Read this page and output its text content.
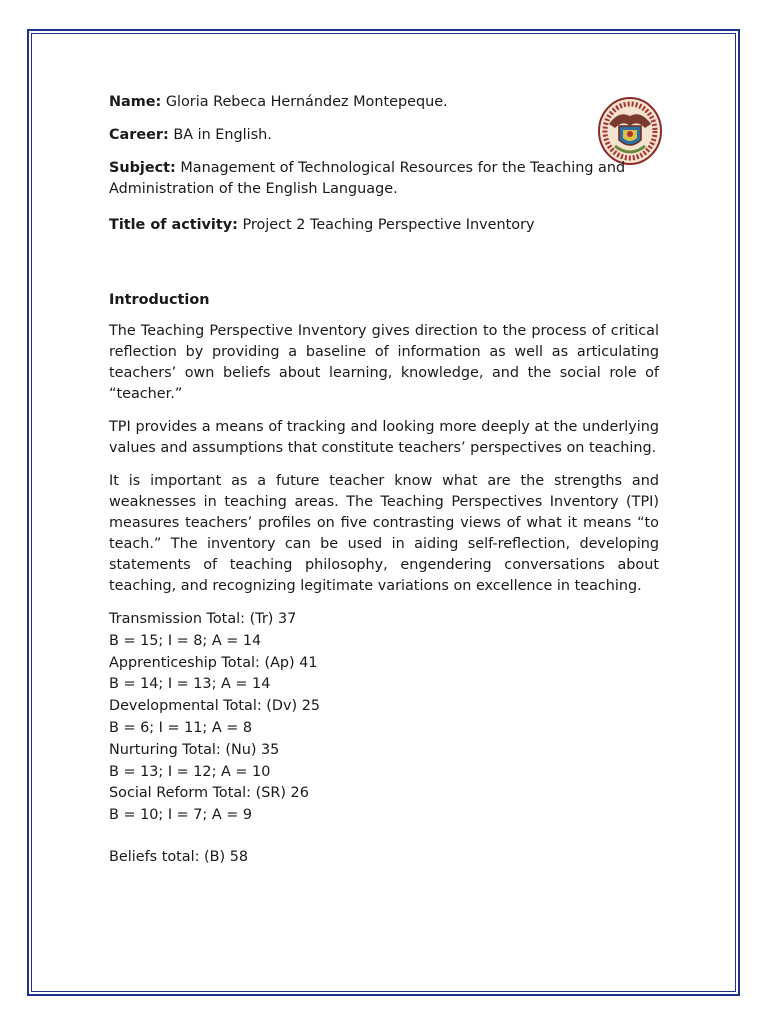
Name: Gloria Rebeca Hernández Montepeque.

Career: BA in English.

Subject: Management of Technological Resources for the Teaching and Administration of the English Language.

Title of activity: Project 2 Teaching Perspective Inventory

Introduction

The Teaching Perspective Inventory gives direction to the process of critical reflection by providing a baseline of information as well as articulating teachers’ own beliefs about learning, knowledge, and the social role of “teacher.”

TPI provides a means of tracking and looking more deeply at the underlying values and assumptions that constitute teachers’ perspectives on teaching.

It is important as a future teacher know what are the strengths and weaknesses in teaching areas. The Teaching Perspectives Inventory (TPI) measures teachers’ profiles on five contrasting views of what it means “to teach.” The inventory can be used in aiding self-reflection, developing statements of teaching philosophy, engendering conversations about teaching, and recognizing legitimate variations on excellence in teaching.

Transmission Total: (Tr) 37
B = 15; I = 8; A = 14
Apprenticeship Total: (Ap) 41
B = 14; I = 13; A = 14
Developmental Total: (Dv) 25
B = 6; I = 11; A = 8
Nurturing Total: (Nu) 35
B = 13; I = 12; A = 10
Social Reform Total: (SR) 26
B = 10; I = 7; A = 9
Beliefs total: (B) 58
